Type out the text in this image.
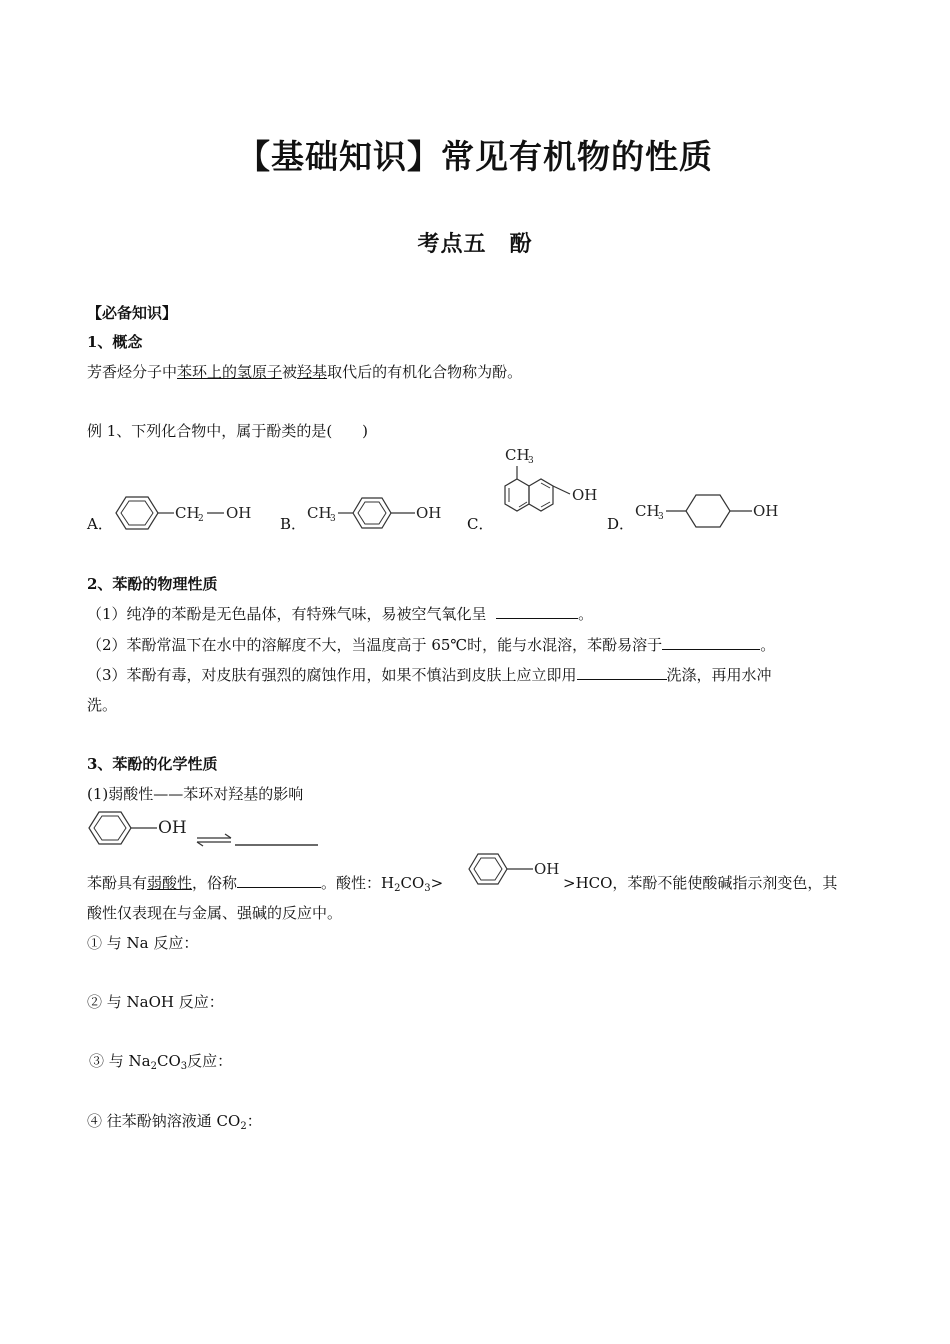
【基础知识】常见有机物的性质
考点五　酚
【必备知识】
1、概念
芳香烃分子中苯环上的氢原子被羟基取代后的有机化合物称为酚。
例 1、下列化合物中，属于酚类的是(　　)
A．	B．	C．	D．
CH
2 OH	CH
3	OH
CH
3
OH
CH
3	OH
2、苯酚的物理性质
（1）纯净的苯酚是无色晶体，有特殊气味，易被空气氧化呈	。
（2）苯酚常温下在水中的溶解度不大，当温度高于 65℃时，能与水混溶，苯酚易溶于	。
（3）苯酚有毒，对皮肤有强烈的腐蚀作用，如果不慎沾到皮肤上应立即用	洗涤，再用水冲
洗。
3、苯酚的化学性质
(1)弱酸性——苯环对羟基的影响
OH
苯酚具有弱酸性，俗称	。酸性：$H_2CO_3>$
OH
>HCO，苯酚不能使酸碱指示剂变色，其
酸性仅表现在与金属、强碱的反应中。
① 与 Na 反应：
② 与 NaOH 反应：
③ 与 $Na_2CO_3$反应：
④ 往苯酚钠溶液通 $CO_2$：
